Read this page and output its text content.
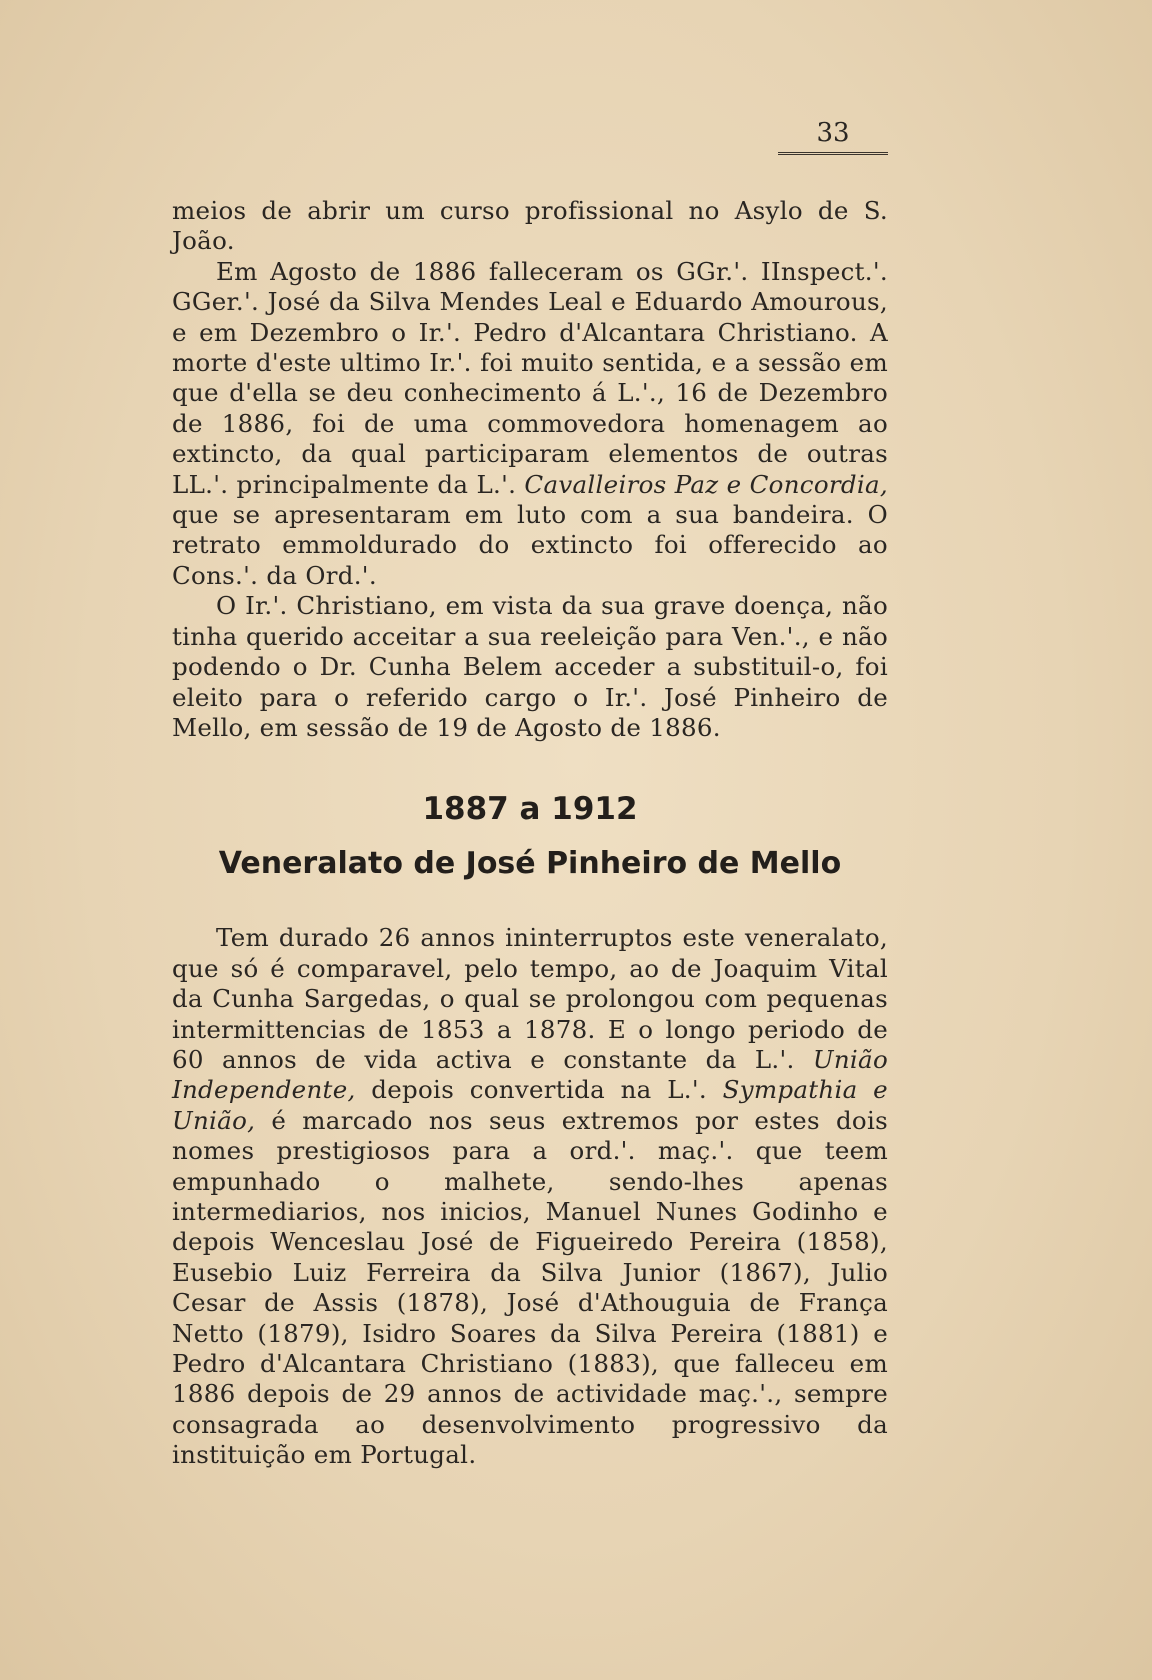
33

meios de abrir um curso profissional no Asylo de S. João.

Em Agosto de 1886 falleceram os GGr.'. IInspect.'. GGer.'. José da Silva Mendes Leal e Eduardo Amourous, e em Dezembro o Ir.'. Pedro d'Alcantara Christiano. A morte d'este ultimo Ir.'. foi muito sentida, e a sessão em que d'ella se deu conhecimento á L.'., 16 de Dezembro de 1886, foi de uma commovedora homenagem ao extincto, da qual participaram elementos de outras LL.'. principalmente da L.'. Cavalleiros Paz e Concordia, que se apresentaram em luto com a sua bandeira. O retrato emmoldurado do extincto foi offerecido ao Cons.'. da Ord.'.

O Ir.'. Christiano, em vista da sua grave doença, não tinha querido acceitar a sua reeleição para Ven.'., e não podendo o Dr. Cunha Belem acceder a substituil-o, foi eleito para o referido cargo o Ir.'. José Pinheiro de Mello, em sessão de 19 de Agosto de 1886.

1887 a 1912
Veneralato de José Pinheiro de Mello

Tem durado 26 annos ininterruptos este veneralato, que só é comparavel, pelo tempo, ao de Joaquim Vital da Cunha Sargedas, o qual se prolongou com pequenas intermittencias de 1853 a 1878. E o longo periodo de 60 annos de vida activa e constante da L.'. União Independente, depois convertida na L.'. Sympathia e União, é marcado nos seus extremos por estes dois nomes prestigiosos para a ord.'. maç.'. que teem empunhado o malhete, sendo-lhes apenas intermediarios, nos inicios, Manuel Nunes Godinho e depois Wenceslau José de Figueiredo Pereira (1858), Eusebio Luiz Ferreira da Silva Junior (1867), Julio Cesar de Assis (1878), José d'Athouguia de França Netto (1879), Isidro Soares da Silva Pereira (1881) e Pedro d'Alcantara Christiano (1883), que falleceu em 1886 depois de 29 annos de actividade maç.'., sempre consagrada ao desenvolvimento progressivo da instituição em Portugal.
